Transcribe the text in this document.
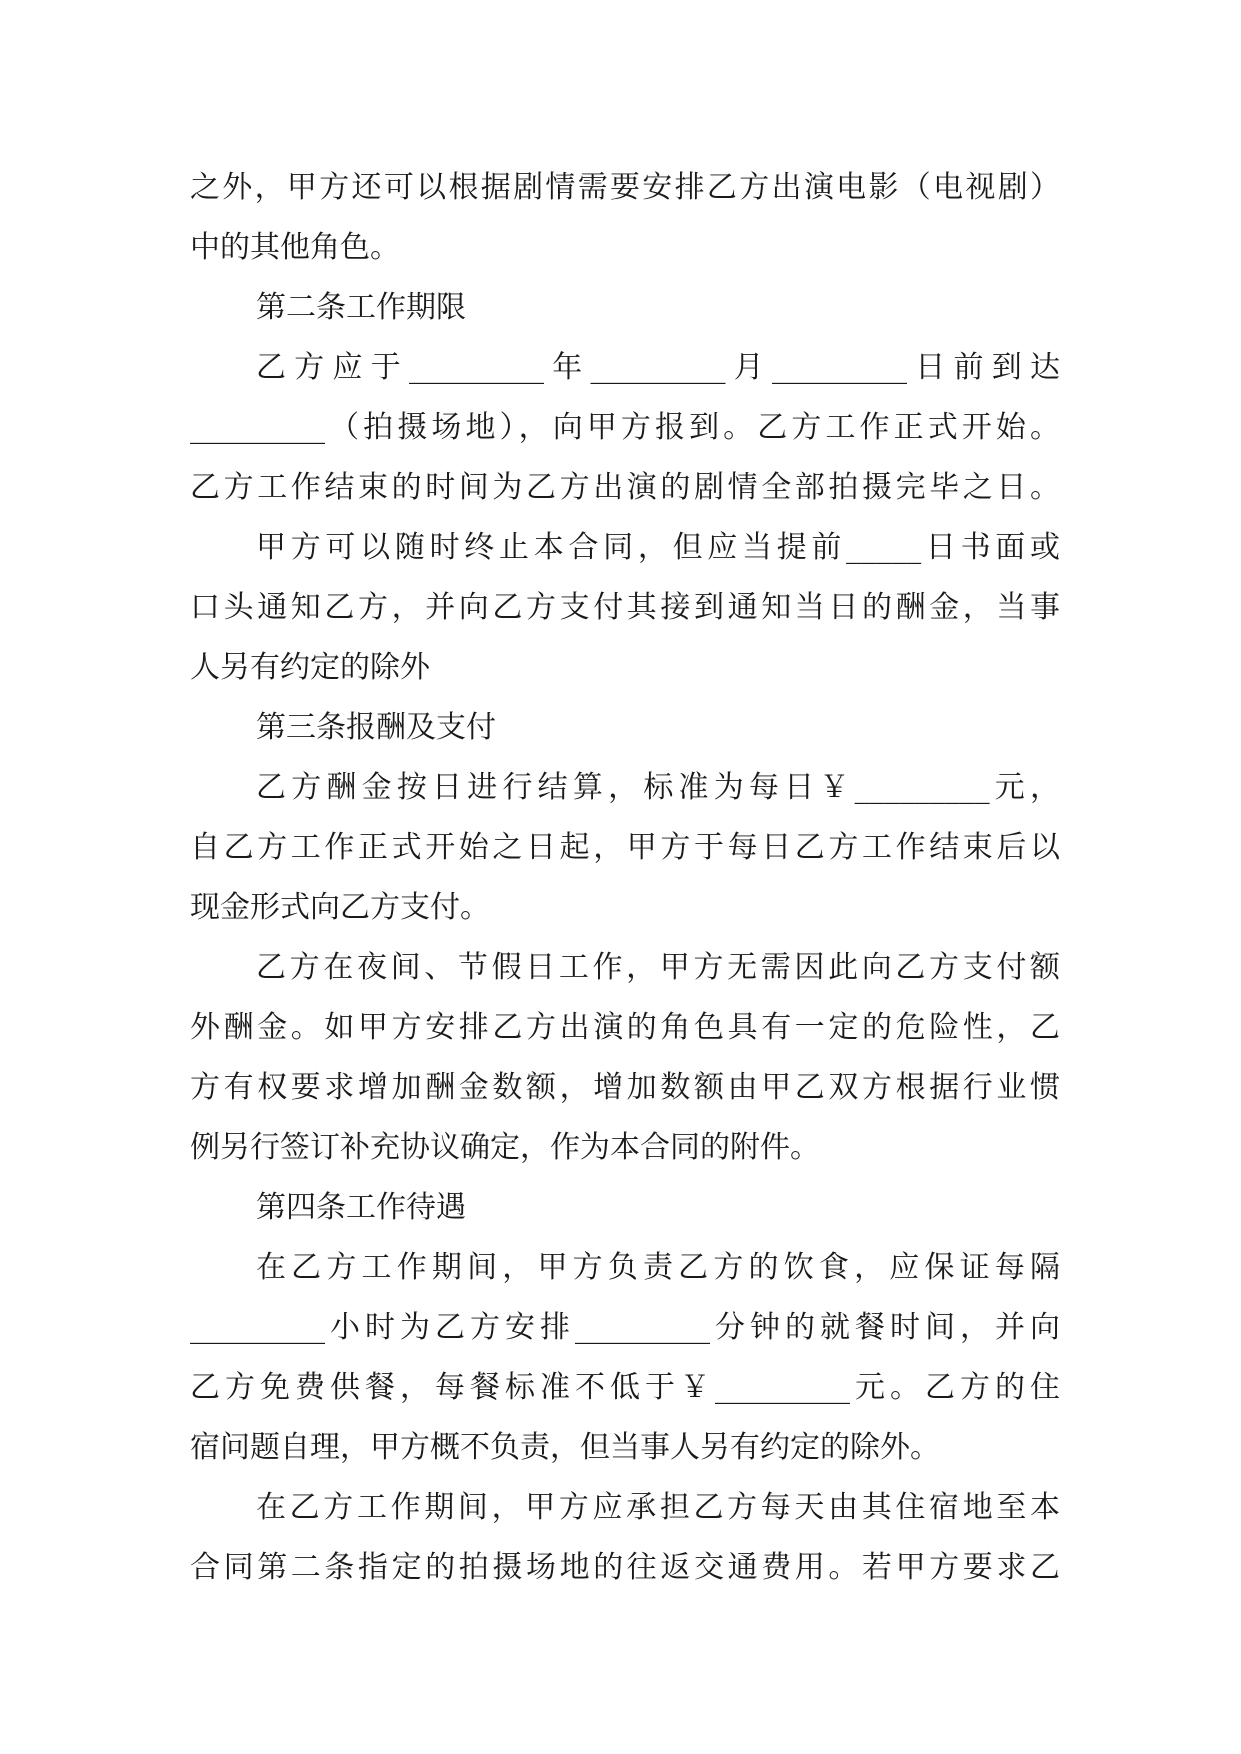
之外，甲方还可以根据剧情需要安排乙方出演电影（电视剧）
中的其他角色。
第二条工作期限
乙方应于_________年_________月_________日前到达
_________（拍摄场地），向甲方报到。乙方工作正式开始。
乙方工作结束的时间为乙方出演的剧情全部拍摄完毕之日。
甲方可以随时终止本合同，但应当提前_____日书面或
口头通知乙方，并向乙方支付其接到通知当日的酬金，当事
人另有约定的除外
第三条报酬及支付
乙方酬金按日进行结算，标准为每日￥_________元，
自乙方工作正式开始之日起，甲方于每日乙方工作结束后以
现金形式向乙方支付。
乙方在夜间、节假日工作，甲方无需因此向乙方支付额
外酬金。如甲方安排乙方出演的角色具有一定的危险性，乙
方有权要求增加酬金数额，增加数额由甲乙双方根据行业惯
例另行签订补充协议确定，作为本合同的附件。
第四条工作待遇
在乙方工作期间，甲方负责乙方的饮食，应保证每隔
_________小时为乙方安排_________分钟的就餐时间，并向
乙方免费供餐，每餐标准不低于￥_________元。乙方的住
宿问题自理，甲方概不负责，但当事人另有约定的除外。
在乙方工作期间，甲方应承担乙方每天由其住宿地至本
合同第二条指定的拍摄场地的往返交通费用。若甲方要求乙
